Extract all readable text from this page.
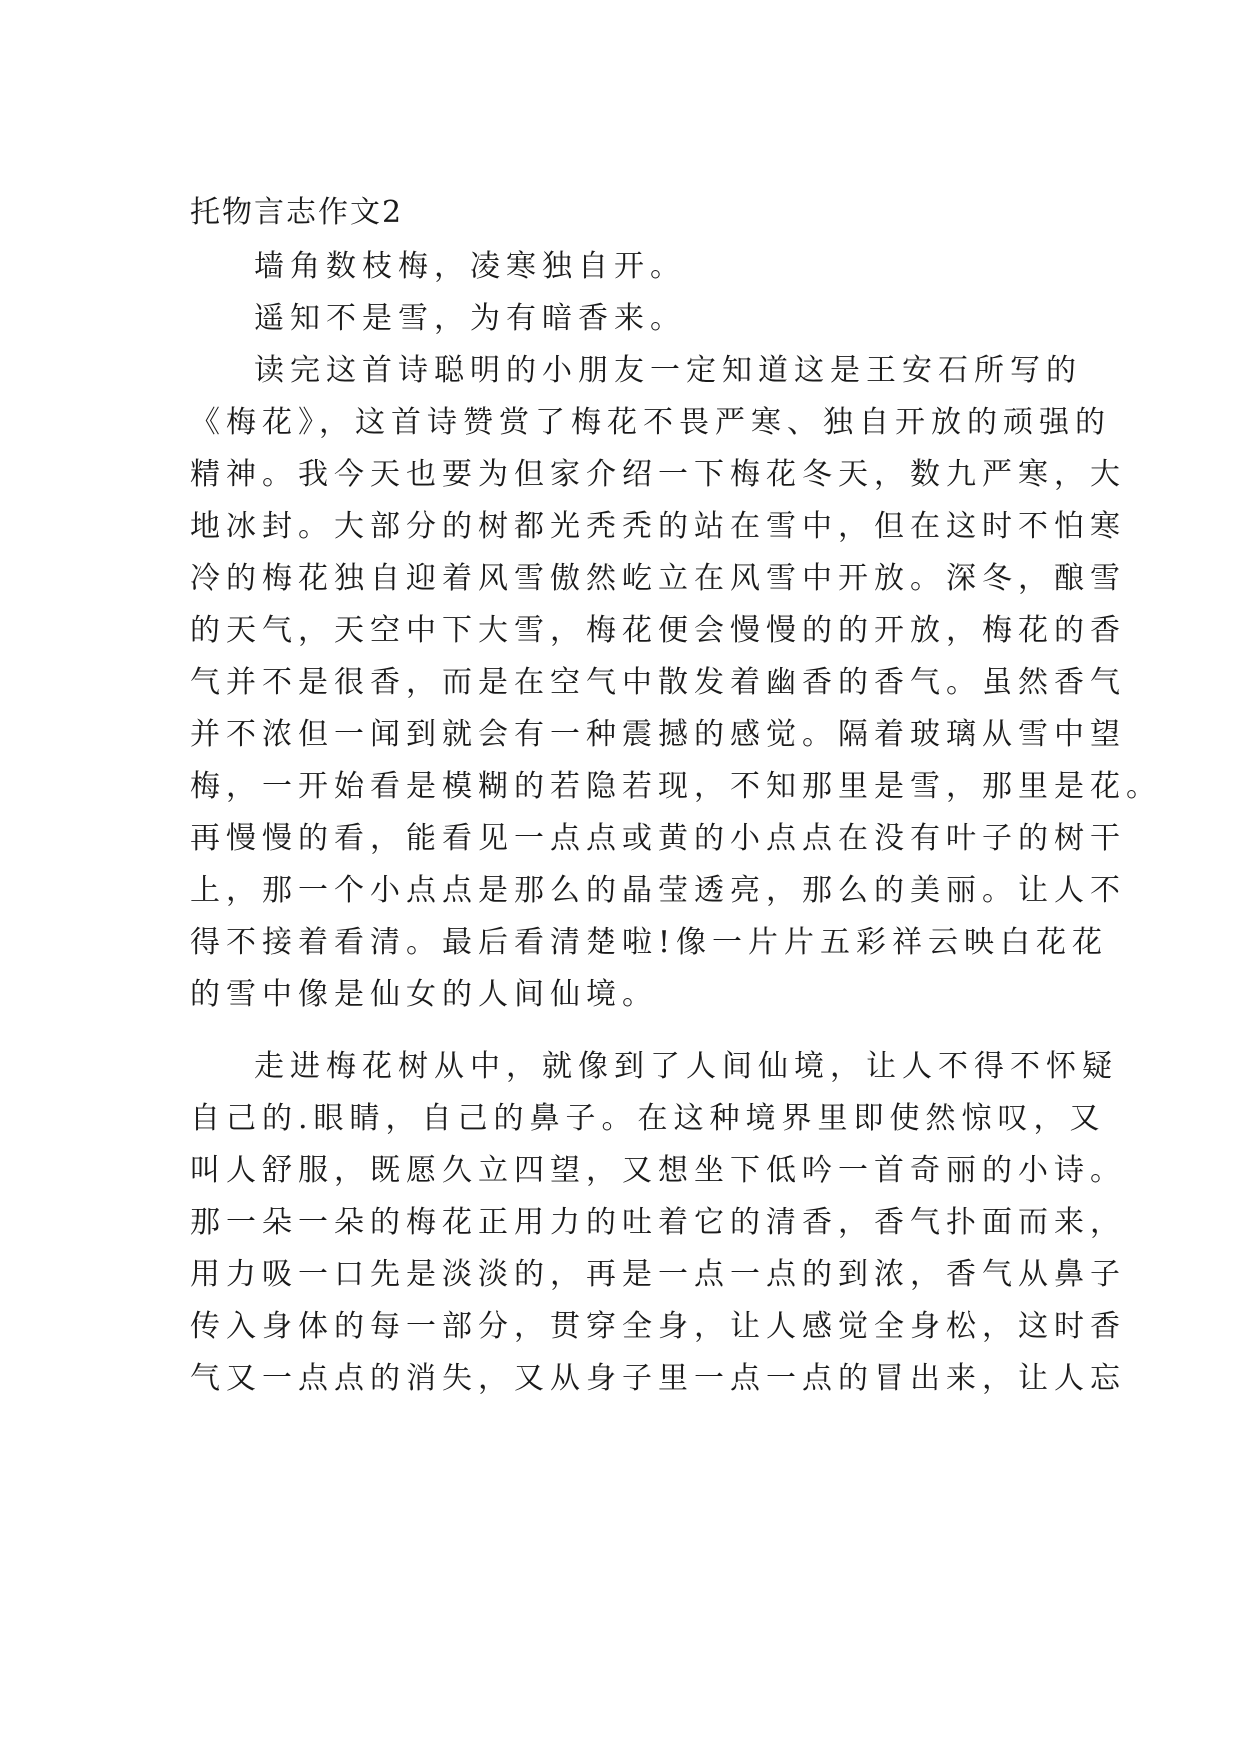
托物言志作文2
墙角数枝梅，凌寒独自开。
遥知不是雪，为有暗香来。
读完这首诗聪明的小朋友一定知道这是王安石所写的
《梅花》，这首诗赞赏了梅花不畏严寒、独自开放的顽强的
精神。我今天也要为但家介绍一下梅花冬天，数九严寒，大
地冰封。大部分的树都光秃秃的站在雪中，但在这时不怕寒
冷的梅花独自迎着风雪傲然屹立在风雪中开放。深冬，酿雪
的天气，天空中下大雪，梅花便会慢慢的的开放，梅花的香
气并不是很香，而是在空气中散发着幽香的香气。虽然香气
并不浓但一闻到就会有一种震撼的感觉。隔着玻璃从雪中望
梅，一开始看是模糊的若隐若现，不知那里是雪，那里是花。
再慢慢的看，能看见一点点或黄的小点点在没有叶子的树干
上，那一个小点点是那么的晶莹透亮，那么的美丽。让人不
得不接着看清。最后看清楚啦!像一片片五彩祥云映白花花
的雪中像是仙女的人间仙境。
走进梅花树从中，就像到了人间仙境，让人不得不怀疑
自己的.眼睛，自己的鼻子。在这种境界里即使然惊叹，又
叫人舒服，既愿久立四望，又想坐下低吟一首奇丽的小诗。
那一朵一朵的梅花正用力的吐着它的清香，香气扑面而来，
用力吸一口先是淡淡的，再是一点一点的到浓，香气从鼻子
传入身体的每一部分，贯穿全身，让人感觉全身松，这时香
气又一点点的消失，又从身子里一点一点的冒出来，让人忘
